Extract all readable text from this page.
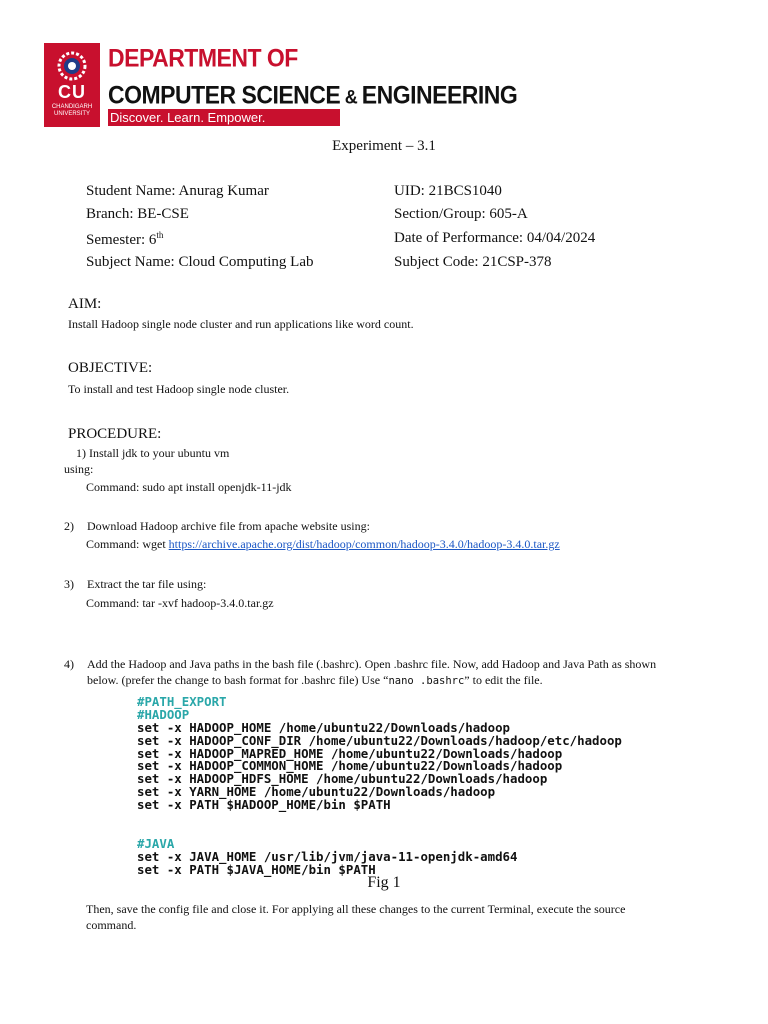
CU
CHANDIGARH UNIVERSITY
DEPARTMENT OF
COMPUTER SCIENCE & ENGINEERING
Discover. Learn. Empower.
Experiment – 3.1
Student Name: Anurag Kumar	UID: 21BCS1040
Branch: BE-CSE	Section/Group: 605-A
Semester: 6th	Date of Performance: 04/04/2024
Subject Name: Cloud Computing Lab	Subject Code: 21CSP-378
AIM:
Install Hadoop single node cluster and run applications like word count.
OBJECTIVE:
To install and test Hadoop single node cluster.
PROCEDURE:
1) Install jdk to your ubuntu vm
using:
Command: sudo apt install openjdk-11-jdk
2) Download Hadoop archive file from apache website using:
Command: wget https://archive.apache.org/dist/hadoop/common/hadoop-3.4.0/hadoop-3.4.0.tar.gz
3) Extract the tar file using:
Command: tar -xvf hadoop-3.4.0.tar.gz
4) Add the Hadoop and Java paths in the bash file (.bashrc). Open .bashrc file. Now, add Hadoop and Java Path as shown
below. (prefer the change to bash format for .bashrc file) Use “nano .bashrc” to edit the file.
#PATH_EXPORT
#HADOOP
set -x HADOOP_HOME /home/ubuntu22/Downloads/hadoop
set -x HADOOP_CONF_DIR /home/ubuntu22/Downloads/hadoop/etc/hadoop
set -x HADOOP_MAPRED_HOME /home/ubuntu22/Downloads/hadoop
set -x HADOOP_COMMON_HOME /home/ubuntu22/Downloads/hadoop
set -x HADOOP_HDFS_HOME /home/ubuntu22/Downloads/hadoop
set -x YARN_HOME /home/ubuntu22/Downloads/hadoop
set -x PATH $HADOOP_HOME/bin $PATH
#JAVA
set -x JAVA_HOME /usr/lib/jvm/java-11-openjdk-amd64
set -x PATH $JAVA_HOME/bin $PATH
Fig 1
Then, save the config file and close it. For applying all these changes to the current Terminal, execute the source
command.
